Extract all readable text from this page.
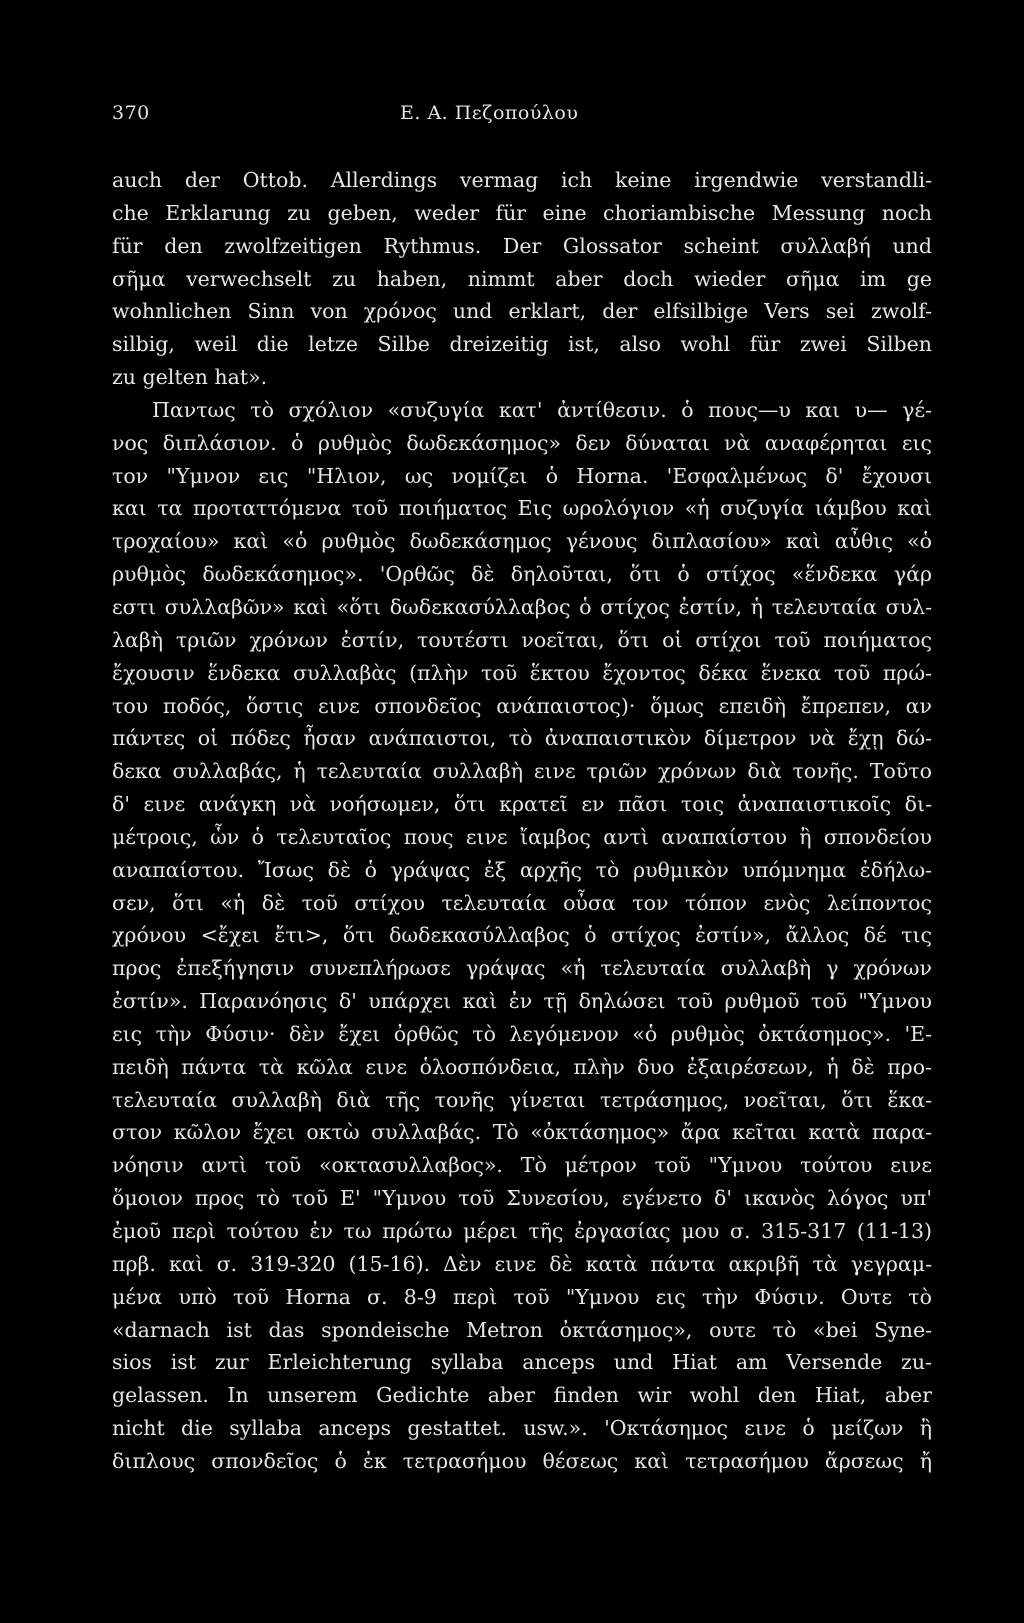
370	Ε. Α. Πεζοπούλου
auch der Ottob. Allerdings vermag ich keine irgendwie verstandli-
che Erklarung zu geben, weder für eine choriambische Messung noch
für den zwolfzeitigen Rythmus. Der Glossator scheint συλλαβή und
σῆμα verwechselt zu haben, nimmt aber doch wieder σῆμα im ge
wohnlichen Sinn von χρόνος und erklart, der elfsilbige Vers sei zwolf-
silbig, weil die letze Silbe dreizeitig ist, also wohl für zwei Silben
zu gelten hat».
Παντως τὸ σχόλιον «συζυγία κατ' ἀντίθεσιν. ὁ πους—υ και υ— γέ-
νος διπλάσιον. ὁ ρυθμὸς δωδεκάσημος» δεν δύναται νὰ αναφέρηται εις
τον "Υμνον εις "Ηλιον, ως νομίζει ὁ Horna. 'Εσφαλμένως δ' ἔχουσι
και τα προταττόμενα τοῦ ποιήματος Εις ωρολόγιον «ἡ συζυγία ιάμβου καὶ
τροχαίου» καὶ «ὁ ρυθμὸς δωδεκάσημος γένους διπλασίου» καὶ αὖθις «ὁ
ρυθμὸς δωδεκάσημος». 'Ορθῶς δὲ δηλοῦται, ὅτι ὁ στίχος «ἕνδεκα γάρ
εστι συλλαβῶν» καὶ «ὅτι δωδεκασύλλαβος ὁ στίχος ἐστίν, ἡ τελευταία συλ-
λαβὴ τριῶν χρόνων ἐστίν, τουτέστι νοεῖται, ὅτι οἱ στίχοι τοῦ ποιήματος
ἔχουσιν ἕνδεκα συλλαβὰς (πλὴν τοῦ ἕκτου ἔχοντος δέκα ἕνεκα τοῦ πρώ-
του ποδός, ὅστις εινε σπονδεῖος ανάπαιστος)· ὅμως επειδὴ ἔπρεπεν, αν
πάντες οἱ πόδες ἦσαν ανάπαιστοι, τὸ ἀναπαιστικὸν δίμετρον νὰ ἔχῃ δώ-
δεκα συλλαβάς, ἡ τελευταία συλλαβὴ εινε τριῶν χρόνων διὰ τονῆς. Τοῦτο
δ' εινε ανάγκη νὰ νοήσωμεν, ὅτι κρατεῖ εν πᾶσι τοις ἀναπαιστικοῖς δι-
μέτροις, ὧν ὁ τελευταῖος πους εινε ἴαμβος αντὶ αναπαίστου ἢ σπονδείου
αναπαίστου. Ἴσως δὲ ὁ γράψας ἐξ αρχῆς τὸ ρυθμικὸν υπόμνημα ἐδήλω-
σεν, ὅτι «ἡ δὲ τοῦ στίχου τελευταία οὖσα τον τόπον ενὸς λείποντος
χρόνου <ἔχει ἔτι>, ὅτι δωδεκασύλλαβος ὁ στίχος ἐστίν», ἄλλος δέ τις
προς ἐπεξήγησιν συνεπλήρωσε γράψας «ἡ τελευταία συλλαβὴ γ χρόνων
ἐστίν». Παρανόησις δ' υπάρχει καὶ ἐν τῇ δηλώσει τοῦ ρυθμοῦ τοῦ "Υμνου
εις τὴν Φύσιν· δὲν ἔχει ὀρθῶς τὸ λεγόμενον «ὁ ρυθμὸς ὀκτάσημος». 'Ε-
πειδὴ πάντα τὰ κῶλα εινε ὁλοσπόνδεια, πλὴν δυο ἐξαιρέσεων, ἡ δὲ προ-
τελευταία συλλαβὴ διὰ τῆς τονῆς γίνεται τετράσημος, νοεῖται, ὅτι ἕκα-
στον κῶλον ἔχει οκτὼ συλλαβάς. Τὸ «ὀκτάσημος» ἄρα κεῖται κατὰ παρα-
νόησιν αντὶ τοῦ «οκτασυλλαβος». Τὸ μέτρον τοῦ "Υμνου τούτου εινε
ὅμοιον προς τὸ τοῦ Ε' "Υμνου τοῦ Συνεσίου, εγένετο δ' ικανὸς λόγος υπ'
ἐμοῦ περὶ τούτου ἐν τω πρώτω μέρει τῆς ἐργασίας μου σ. 315-317 (11-13)
πρβ. καὶ σ. 319-320 (15-16). Δὲν εινε δὲ κατὰ πάντα ακριβῆ τὰ γεγραμ-
μένα υπὸ τοῦ Horna σ. 8-9 περὶ τοῦ "Υμνου εις τὴν Φύσιν. Ουτε τὸ
«darnach ist das spondeische Metron ὀκτάσημος», ουτε τὸ «bei Syne-
sios ist zur Erleichterung syllaba anceps und Hiat am Versende zu-
gelassen. In unserem Gedichte aber finden wir wohl den Hiat, aber
nicht die syllaba anceps gestattet. usw.». 'Οκτάσημος εινε ὁ μείζων ἢ
διπλους σπονδεῖος ὁ ἐκ τετρασήμου θέσεως καὶ τετρασήμου ἄρσεως ἤ
